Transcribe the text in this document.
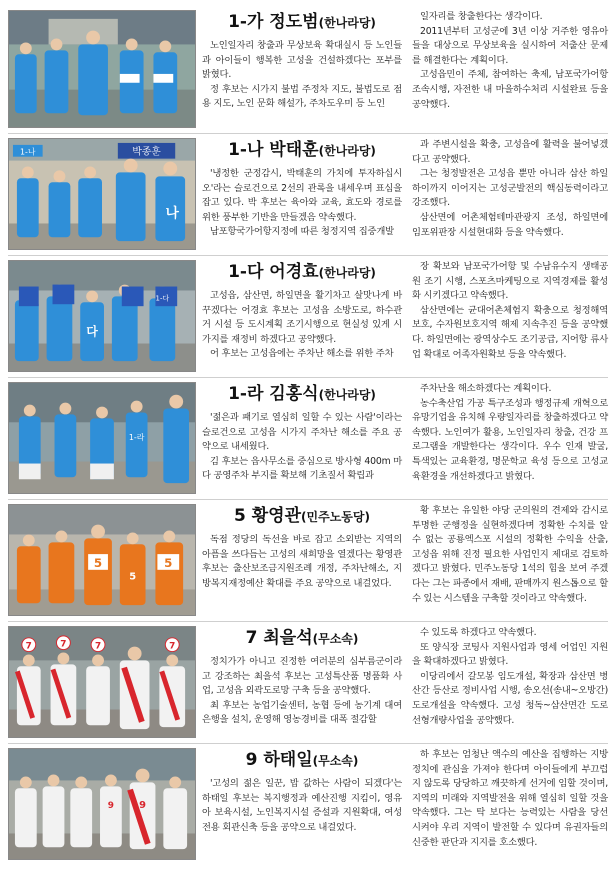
1-가 정도범(한나라당)

노인일자리 창출과 무상보육 확대실시 등 노인들과 아이들이 행복한 고성을 건설하겠다는 포부를 밝혔다.

정 후보는 시가지 불법 주정차 지도, 불법도로 점용 지도, 노인 문화 해설가, 주차도우미 등 노인

일자리를 창출한다는 생각이다.

2011년부터 고성군에 3년 이상 거주한 영유아들을 대상으로 무상보육을 실시하여 저출산 문제를 해결한다는 계획이다.

고성읍민이 주체, 참여하는 축제, 남포국가어항 조속시행, 자전한 내 마을하수처리 시설완료 등을 공약했다.

박종훈
1-나
나
1-나 박태훈(한나라당)

'냉정한 군정감시, 박태훈의 가치에 투자하십시오'라는 슬로건으로 2선의 관록을 내세우며 표심을 잡고 있다. 박 후보는 육아와 교육, 효도와 경로를 위한 풍부한 기반을 만들겠음 약속했다.

남포항국가어항지정에 따른 청정지역 집중개발

과 주변시설을 확충, 고성읍에 활력을 불어넣겠다고 공약했다.

그는 청정발전은 고성읍 뿐만 아니라 삼산 하일 하이까지 이어지는 고성군발전의 핵심동력이라고 강조했다.

삼산면에 어촌체험테마관광지 조성, 하일면에 임포위판장 시설현대화 등을 약속했다.

1-다
다
1-다 어경효(한나라당)

고성읍, 삼산면, 하일면을 활기차고 살맛나게 바꾸겠다는 어경효 후보는 고성읍 소방도로, 하수관거 시설 등 도시계획 조기시행으로 현실성 있게 시가지를 재정비 하겠다고 공약했다.

어 후보는 고성읍에는 주차난 해소를 위한 주차

장 확보와 남포국가어항 및 수남유수지 생태공원 조기 시행, 스포츠마케팅으로 지역경제를 활성화 시키겠다고 약속했다.

삼산면에는 균대어촌체험지 확충으로 청정해역 보호, 수자원보호지역 해제 지속추진 등을 공약했다. 하일면에는 광역상수도 조기공급, 지어항 류사업 확대로 어족자원확보 등을 약속했다.

1-라
1-라 김홍식(한나라당)

'젊은과 패기로 열심히 일할 수 있는 사람'이라는 슬로건으로 고성읍 시가지 주차난 해소를 주요 공약으로 내세웠다.

김 후보는 읍사무소를 중심으로 방사형 400m 마다 공영주차 부지를 확보해 기초질서 확립과

주차난을 해소하겠다는 계획이다.

농수축산업 가공 특구조성과 행정규제 개혁으로 유망기업을 유치해 우량일자리를 창출하겠다고 약속했다. 노인여가 활용, 노인일자리 창출, 건강 프로그램을 개발한다는 생각이다. 우수 인재 발굴, 특색있는 교육환경, 명문학교 육성 등으로 고성교육환경을 개선하겠다고 밝혔다.

5	5
5
5 황영관(민주노동당)

독점 정당의 독선을 바로 잡고 소외받는 지역의 아픔을 쓰다듬는 고성의 새희망을 열겠다는 황영관 후보는 출산보조금지원조례 개정, 주차난해소, 지방복지재정예산 확대를 주요 공약으로 내걸었다.

황 후보는 유일한 야당 군의원의 견제와 감시로 투명한 군행정을 실현하겠다며 정확한 수치를 알 수 없는 공룡엑스포 시설의 정확한 수익을 산출, 고성읍 위해 진정 필요한 사업인지 제대로 검토하겠다고 밝혔다. 민주노동당 1석의 힘을 보여 주겠다는 그는 파종에서 재배, 판매까지 원스톱으로 할 수 있는 시스템을 구축할 것이라고 약속했다.

7	7	7	7	7 최을석(무소속)

정치가가 아니고 진정한 여러분의 심부름군이라고 강조하는 최을석 후보는 고성특산품 명품화 사업, 고성읍 외곽도로망 구축 등을 공약했다.

최 후보는 농업기술센터, 농협 등에 농기계 대여 은행을 설치, 운영해 영농경비를 대폭 절감할

수 있도록 하겠다고 약속했다.

또 양식장 코팅사 지원사업과 영세 어업인 지원을 확대하겠다고 밝혔다.

이당리에서 갈모봉 임도개설, 확장과 삼산면 병산간 등산로 정비사업 시행, 송오선(송내~오방간) 도로개설을 약속했다. 고성 청독~삼산면간 도로 선형개량사업을 공약했다.

9
9
9 하태일(무소속)

'고성의 젊은 일꾼, 밥 값하는 사람이 되겠다'는 하태일 후보는 복지행정과 예산진행 지킴이, 영유아 보육시설, 노인복지시설 증설과 지원확대, 여성전용 회관신축 등을 공약으로 내걸었다.

하 후보는 엄청난 액수의 예산을 집행하는 지방정치에 관심을 가져야 한다며 아이들에게 부끄럽지 않도록 당당하고 깨끗하게 선거에 임할 것이며, 지역의 미래와 지역발전을 위해 열심히 일할 것을 약속했다. 그는 탁 보다는 능력있는 사람을 당선 시켜야 우리 지역이 발전할 수 있다며 유권자들의 신중한 판단과 지지를 호소했다.
